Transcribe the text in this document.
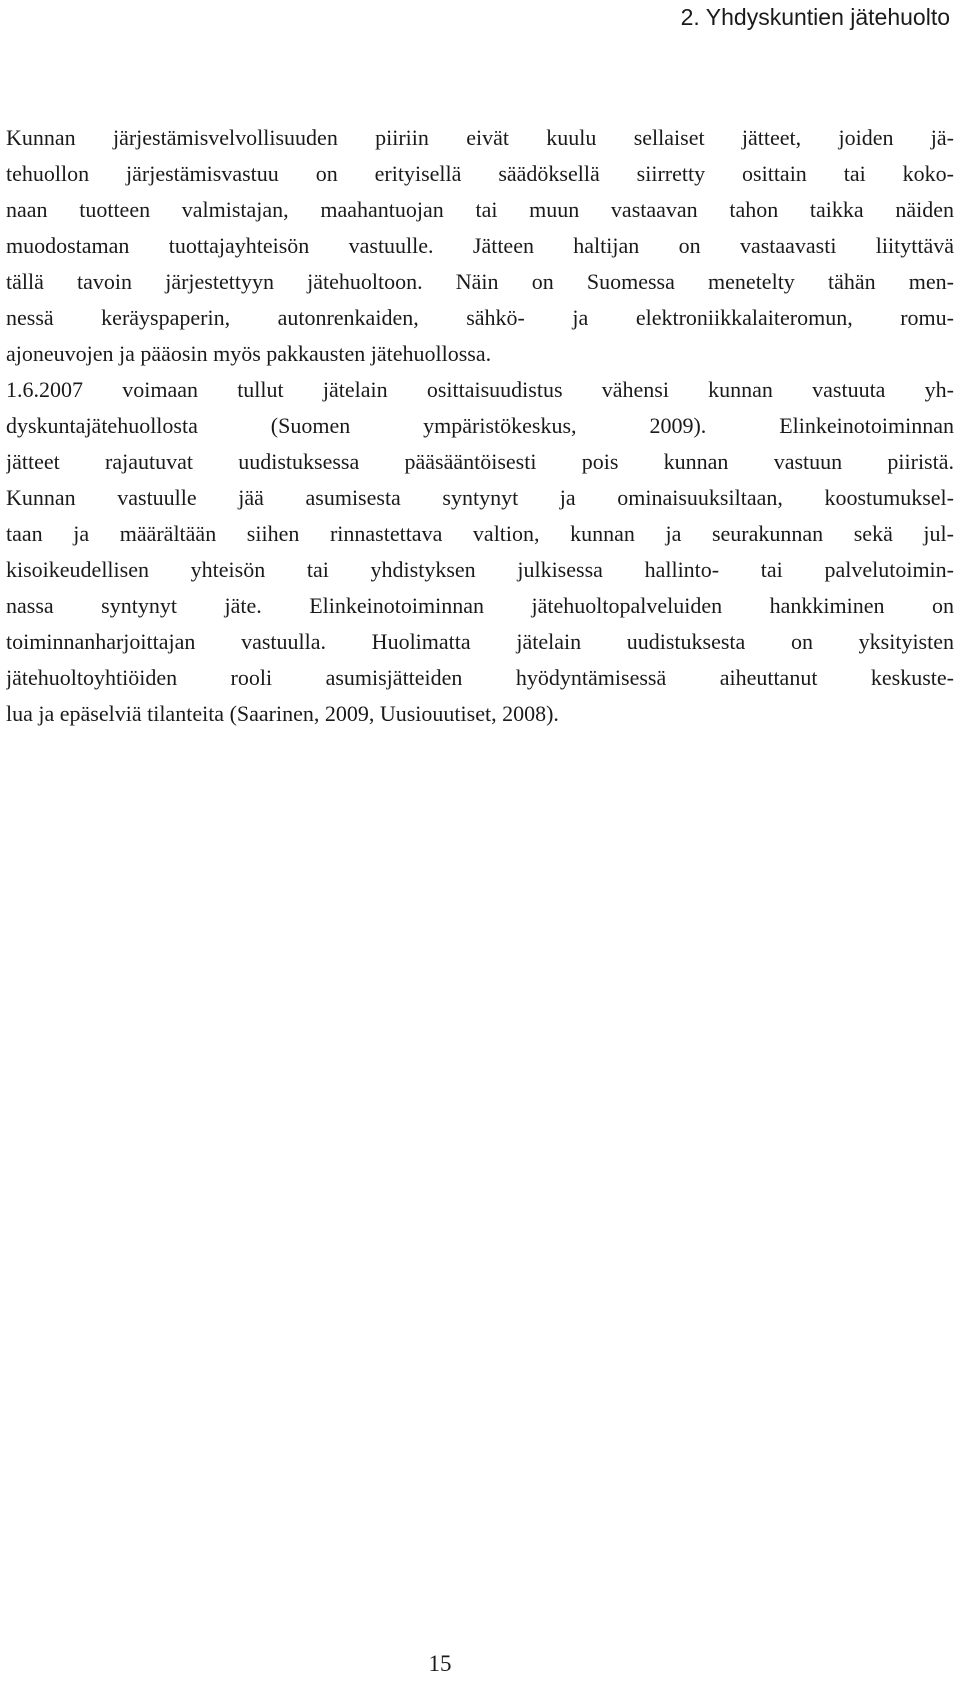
2. Yhdyskuntien jätehuolto
Kunnan järjestämisvelvollisuuden piiriin eivät kuulu sellaiset jätteet, joiden jä-
tehuollon järjestämisvastuu on erityisellä säädöksellä siirretty osittain tai koko-
naan tuotteen valmistajan, maahantuojan tai muun vastaavan tahon taikka näiden
muodostaman tuottajayhteisön vastuulle. Jätteen haltijan on vastaavasti liityttävä
tällä tavoin järjestettyyn jätehuoltoon. Näin on Suomessa menetelty tähän men-
nessä keräyspaperin, autonrenkaiden, sähkö- ja elektroniikkalaiteromun, romu-
ajoneuvojen ja pääosin myös pakkausten jätehuollossa.
1.6.2007 voimaan tullut jätelain osittaisuudistus vähensi kunnan vastuuta yh-
dyskuntajätehuollosta (Suomen ympäristökeskus, 2009). Elinkeinotoiminnan
jätteet rajautuvat uudistuksessa pääsääntöisesti pois kunnan vastuun piiristä.
Kunnan vastuulle jää asumisesta syntynyt ja ominaisuuksiltaan, koostumuksel-
taan ja määrältään siihen rinnastettava valtion, kunnan ja seurakunnan sekä jul-
kisoikeudellisen yhteisön tai yhdistyksen julkisessa hallinto- tai palvelutoimin-
nassa syntynyt jäte. Elinkeinotoiminnan jätehuoltopalveluiden hankkiminen on
toiminnanharjoittajan vastuulla. Huolimatta jätelain uudistuksesta on yksityisten
jätehuoltoyhtiöiden rooli asumisjätteiden hyödyntämisessä aiheuttanut keskuste-
lua ja epäselviä tilanteita (Saarinen, 2009, Uusiouutiset, 2008).
15
